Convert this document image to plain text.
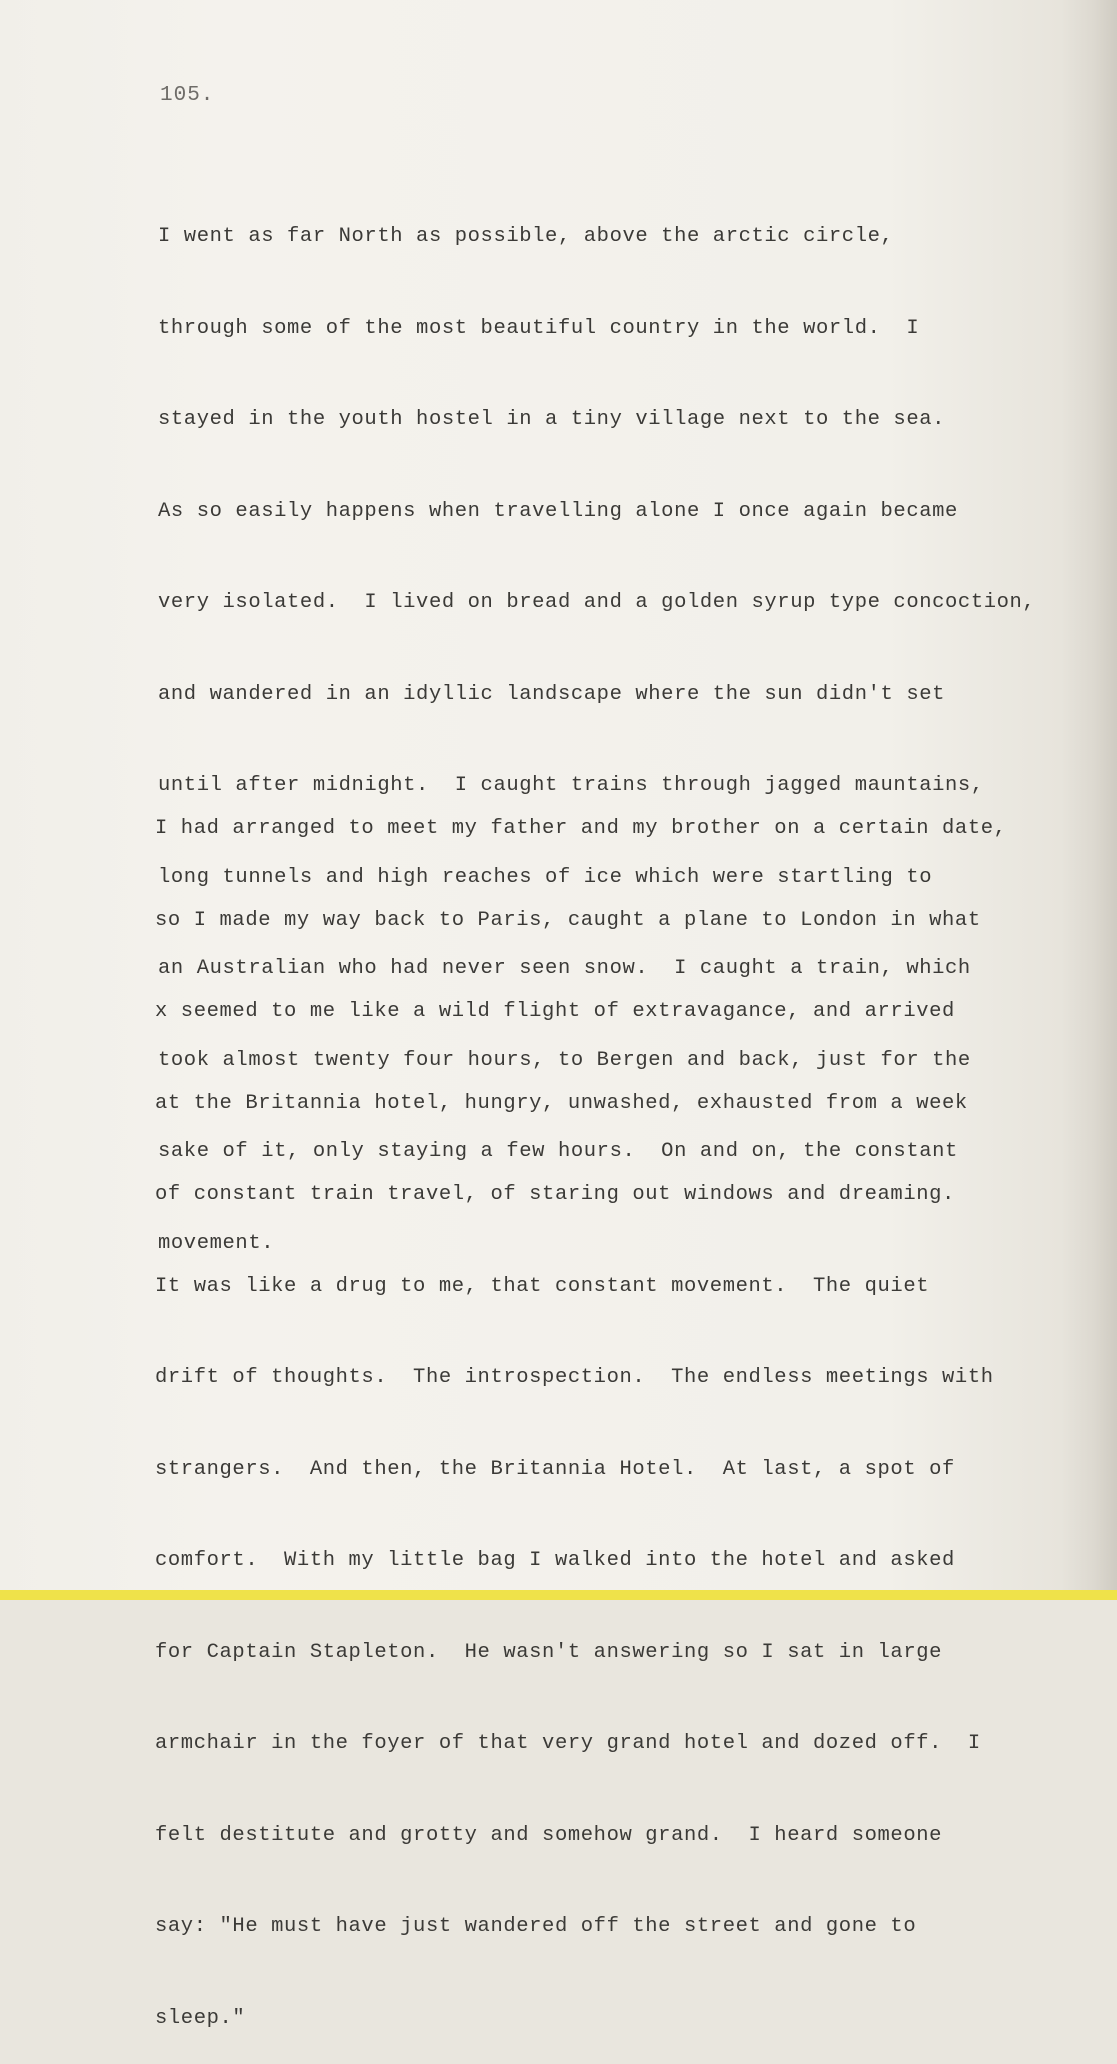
105.

I went as far North as possible, above the arctic circle,

through some of the most beautiful country in the world.  I

stayed in the youth hostel in a tiny village next to the sea.

As so easily happens when travelling alone I once again became

very isolated.  I lived on bread and a golden syrup type concoction,

and wandered in an idyllic landscape where the sun didn't set

until after midnight.  I caught trains through jagged mauntains,

long tunnels and high reaches of ice which were startling to

an Australian who had never seen snow.  I caught a train, which

took almost twenty four hours, to Bergen and back, just for the

sake of it, only staying a few hours.  On and on, the constant

movement.

I had arranged to meet my father and my brother on a certain date,

so I made my way back to Paris, caught a plane to London in what

x seemed to me like a wild flight of extravagance, and arrived

at the Britannia hotel, hungry, unwashed, exhausted from a week

of constant train travel, of staring out windows and dreaming.

It was like a drug to me, that constant movement.  The quiet

drift of thoughts.  The introspection.  The endless meetings with

strangers.  And then, the Britannia Hotel.  At last, a spot of

comfort.  With my little bag I walked into the hotel and asked

for Captain Stapleton.  He wasn't answering so I sat in large

armchair in the foyer of that very grand hotel and dozed off.  I

felt destitute and grotty and somehow grand.  I heard someone

say: "He must have just wandered off the street and gone to

sleep."
